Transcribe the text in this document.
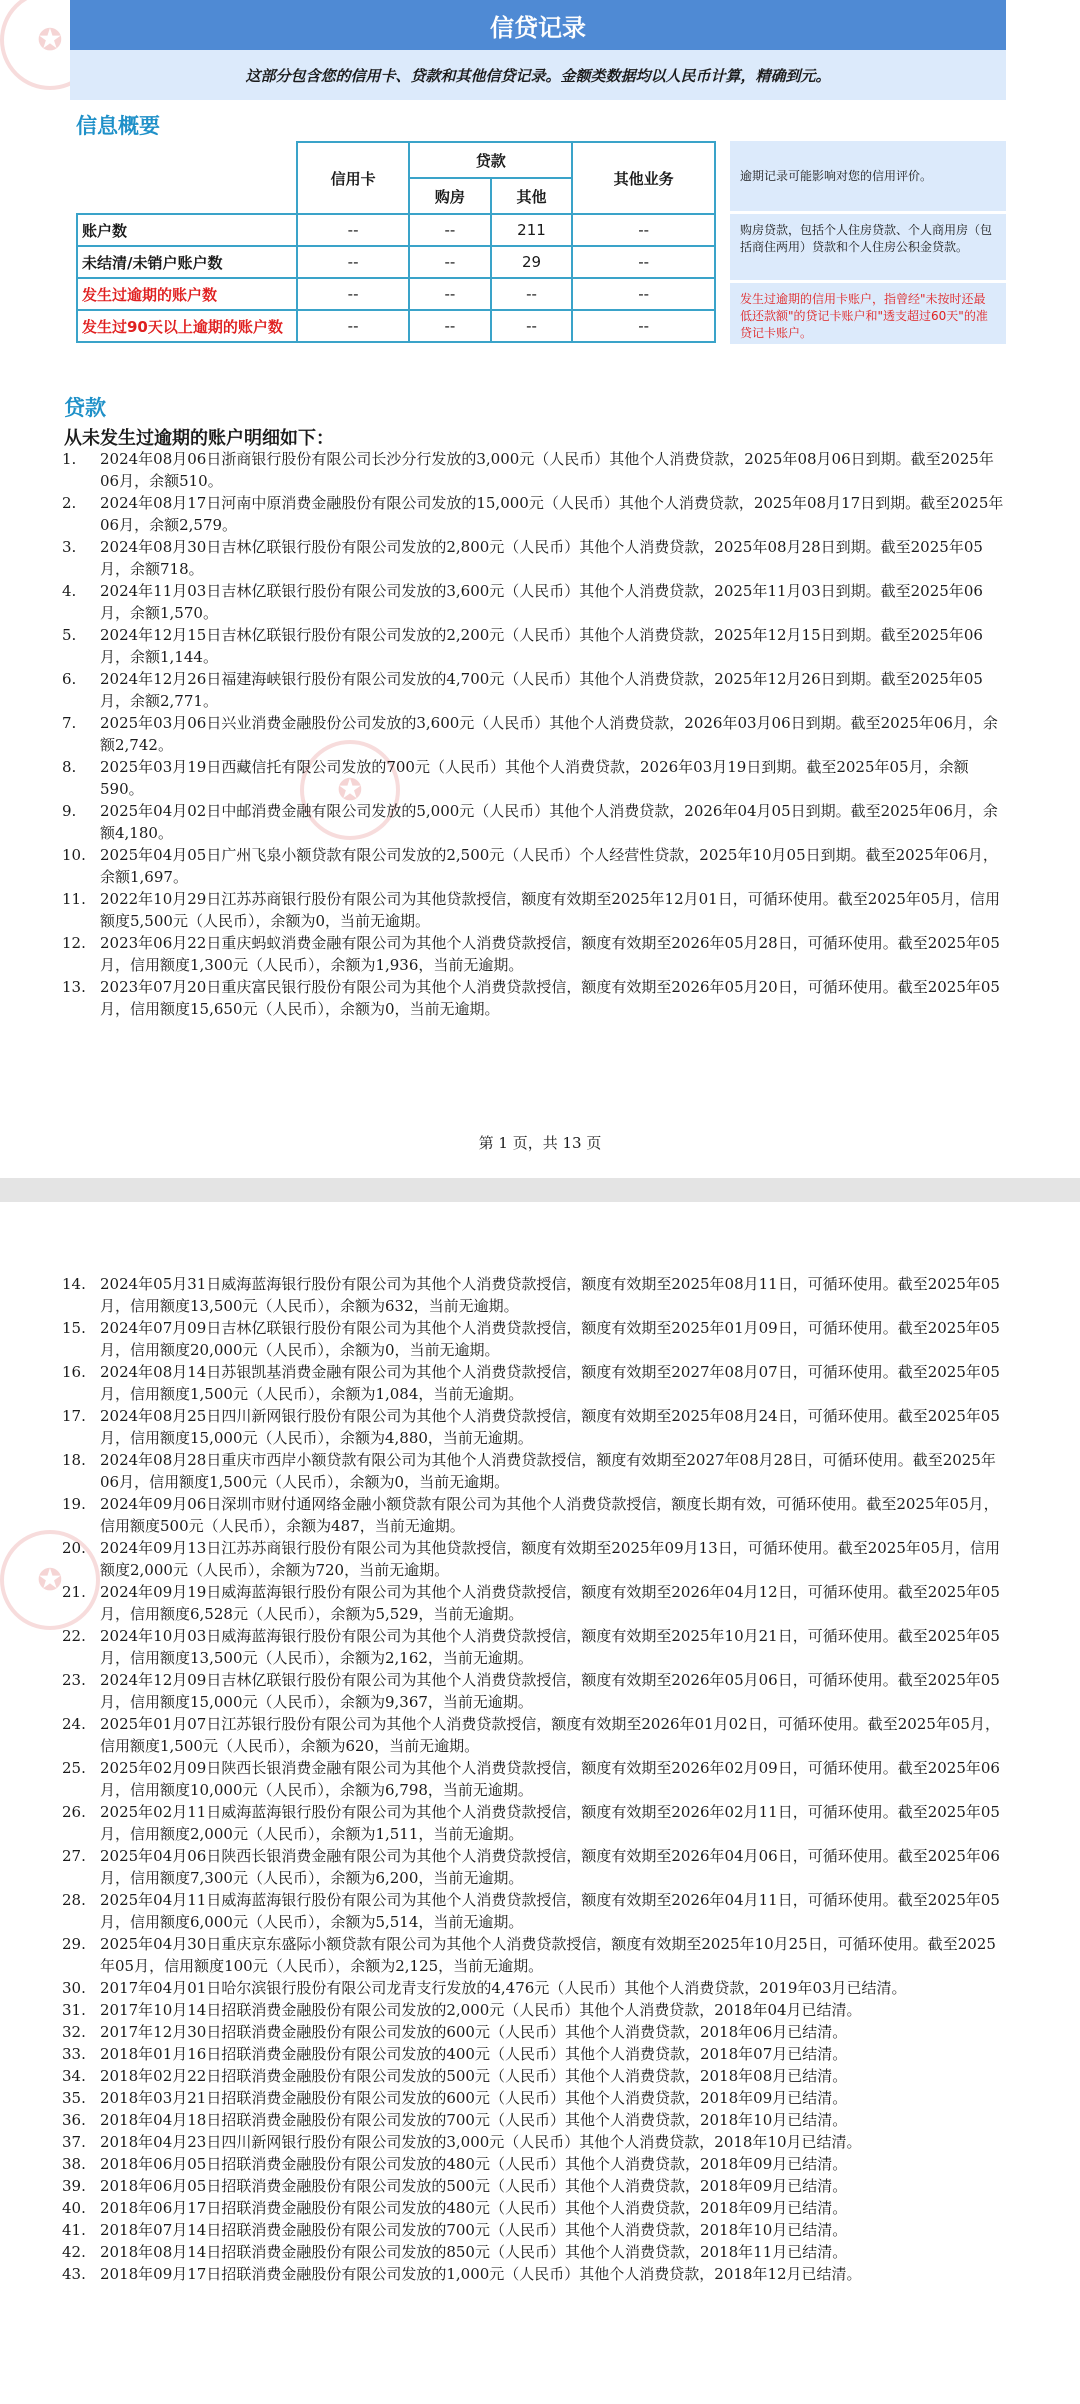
✪
✪
✪
信贷记录
这部分包含您的信用卡、贷款和其他信贷记录。金额类数据均以人民币计算，精确到元。
信息概要
	信用卡	贷款		其他业务
		购房	其他	
账户数	--	--	211	--
未结清/未销户账户数	--	--	29	--
发生过逾期的账户数	--	--	--	--
发生过90天以上逾期的账户数	--	--	--	--
逾期记录可能影响对您的信用评价。
购房贷款，包括个人住房贷款、个人商用房（包括商住两用）贷款和个人住房公积金贷款。
发生过逾期的信用卡账户，指曾经"未按时还最低还款额"的贷记卡账户和"透支超过60天"的准贷记卡账户。
贷款
从未发生过逾期的账户明细如下：
1. 2024年08月06日浙商银行股份有限公司长沙分行发放的3,000元（人民币）其他个人消费贷款，2025年08月06日到期。截至2025年06月，余额510。
2. 2024年08月17日河南中原消费金融股份有限公司发放的15,000元（人民币）其他个人消费贷款，2025年08月17日到期。截至2025年06月，余额2,579。
3. 2024年08月30日吉林亿联银行股份有限公司发放的2,800元（人民币）其他个人消费贷款，2025年08月28日到期。截至2025年05月，余额718。
4. 2024年11月03日吉林亿联银行股份有限公司发放的3,600元（人民币）其他个人消费贷款，2025年11月03日到期。截至2025年06月，余额1,570。
5. 2024年12月15日吉林亿联银行股份有限公司发放的2,200元（人民币）其他个人消费贷款，2025年12月15日到期。截至2025年06月，余额1,144。
6. 2024年12月26日福建海峡银行股份有限公司发放的4,700元（人民币）其他个人消费贷款，2025年12月26日到期。截至2025年05月，余额2,771。
7. 2025年03月06日兴业消费金融股份公司发放的3,600元（人民币）其他个人消费贷款，2026年03月06日到期。截至2025年06月，余额2,742。
8. 2025年03月19日西藏信托有限公司发放的700元（人民币）其他个人消费贷款，2026年03月19日到期。截至2025年05月，余额590。
9. 2025年04月02日中邮消费金融有限公司发放的5,000元（人民币）其他个人消费贷款，2026年04月05日到期。截至2025年06月，余额4,180。
10. 2025年04月05日广州飞泉小额贷款有限公司发放的2,500元（人民币）个人经营性贷款，2025年10月05日到期。截至2025年06月，余额1,697。
11. 2022年10月29日江苏苏商银行股份有限公司为其他贷款授信，额度有效期至2025年12月01日，可循环使用。截至2025年05月，信用额度5,500元（人民币），余额为0，当前无逾期。
12. 2023年06月22日重庆蚂蚁消费金融有限公司为其他个人消费贷款授信，额度有效期至2026年05月28日，可循环使用。截至2025年05月，信用额度1,300元（人民币），余额为1,936，当前无逾期。
13. 2023年07月20日重庆富民银行股份有限公司为其他个人消费贷款授信，额度有效期至2026年05月20日，可循环使用。截至2025年05月，信用额度15,650元（人民币），余额为0，当前无逾期。
第 1 页，共 13 页
14. 2024年05月31日威海蓝海银行股份有限公司为其他个人消费贷款授信，额度有效期至2025年08月11日，可循环使用。截至2025年05月，信用额度13,500元（人民币），余额为632，当前无逾期。
15. 2024年07月09日吉林亿联银行股份有限公司为其他个人消费贷款授信，额度有效期至2025年01月09日，可循环使用。截至2025年05月，信用额度20,000元（人民币），余额为0，当前无逾期。
16. 2024年08月14日苏银凯基消费金融有限公司为其他个人消费贷款授信，额度有效期至2027年08月07日，可循环使用。截至2025年05月，信用额度1,500元（人民币），余额为1,084，当前无逾期。
17. 2024年08月25日四川新网银行股份有限公司为其他个人消费贷款授信，额度有效期至2025年08月24日，可循环使用。截至2025年05月，信用额度15,000元（人民币），余额为4,880，当前无逾期。
18. 2024年08月28日重庆市西岸小额贷款有限公司为其他个人消费贷款授信，额度有效期至2027年08月28日，可循环使用。截至2025年06月，信用额度1,500元（人民币），余额为0，当前无逾期。
19. 2024年09月06日深圳市财付通网络金融小额贷款有限公司为其他个人消费贷款授信，额度长期有效，可循环使用。截至2025年05月，信用额度500元（人民币），余额为487，当前无逾期。
20. 2024年09月13日江苏苏商银行股份有限公司为其他贷款授信，额度有效期至2025年09月13日，可循环使用。截至2025年05月，信用额度2,000元（人民币），余额为720，当前无逾期。
21. 2024年09月19日威海蓝海银行股份有限公司为其他个人消费贷款授信，额度有效期至2026年04月12日，可循环使用。截至2025年05月，信用额度6,528元（人民币），余额为5,529，当前无逾期。
22. 2024年10月03日威海蓝海银行股份有限公司为其他个人消费贷款授信，额度有效期至2025年10月21日，可循环使用。截至2025年05月，信用额度13,500元（人民币），余额为2,162，当前无逾期。
23. 2024年12月09日吉林亿联银行股份有限公司为其他个人消费贷款授信，额度有效期至2026年05月06日，可循环使用。截至2025年05月，信用额度15,000元（人民币），余额为9,367，当前无逾期。
24. 2025年01月07日江苏银行股份有限公司为其他个人消费贷款授信，额度有效期至2026年01月02日，可循环使用。截至2025年05月，信用额度1,500元（人民币），余额为620，当前无逾期。
25. 2025年02月09日陕西长银消费金融有限公司为其他个人消费贷款授信，额度有效期至2026年02月09日，可循环使用。截至2025年06月，信用额度10,000元（人民币），余额为6,798，当前无逾期。
26. 2025年02月11日威海蓝海银行股份有限公司为其他个人消费贷款授信，额度有效期至2026年02月11日，可循环使用。截至2025年05月，信用额度2,000元（人民币），余额为1,511，当前无逾期。
27. 2025年04月06日陕西长银消费金融有限公司为其他个人消费贷款授信，额度有效期至2026年04月06日，可循环使用。截至2025年06月，信用额度7,300元（人民币），余额为6,200，当前无逾期。
28. 2025年04月11日威海蓝海银行股份有限公司为其他个人消费贷款授信，额度有效期至2026年04月11日，可循环使用。截至2025年05月，信用额度6,000元（人民币），余额为5,514，当前无逾期。
29. 2025年04月30日重庆京东盛际小额贷款有限公司为其他个人消费贷款授信，额度有效期至2025年10月25日，可循环使用。截至2025年05月，信用额度100元（人民币），余额为2,125，当前无逾期。
30. 2017年04月01日哈尔滨银行股份有限公司龙青支行发放的4,476元（人民币）其他个人消费贷款，2019年03月已结清。
31. 2017年10月14日招联消费金融股份有限公司发放的2,000元（人民币）其他个人消费贷款，2018年04月已结清。
32. 2017年12月30日招联消费金融股份有限公司发放的600元（人民币）其他个人消费贷款，2018年06月已结清。
33. 2018年01月16日招联消费金融股份有限公司发放的400元（人民币）其他个人消费贷款，2018年07月已结清。
34. 2018年02月22日招联消费金融股份有限公司发放的500元（人民币）其他个人消费贷款，2018年08月已结清。
35. 2018年03月21日招联消费金融股份有限公司发放的600元（人民币）其他个人消费贷款，2018年09月已结清。
36. 2018年04月18日招联消费金融股份有限公司发放的700元（人民币）其他个人消费贷款，2018年10月已结清。
37. 2018年04月23日四川新网银行股份有限公司发放的3,000元（人民币）其他个人消费贷款，2018年10月已结清。
38. 2018年06月05日招联消费金融股份有限公司发放的480元（人民币）其他个人消费贷款，2018年09月已结清。
39. 2018年06月05日招联消费金融股份有限公司发放的500元（人民币）其他个人消费贷款，2018年09月已结清。
40. 2018年06月17日招联消费金融股份有限公司发放的480元（人民币）其他个人消费贷款，2018年09月已结清。
41. 2018年07月14日招联消费金融股份有限公司发放的700元（人民币）其他个人消费贷款，2018年10月已结清。
42. 2018年08月14日招联消费金融股份有限公司发放的850元（人民币）其他个人消费贷款，2018年11月已结清。
43. 2018年09月17日招联消费金融股份有限公司发放的1,000元（人民币）其他个人消费贷款，2018年12月已结清。
